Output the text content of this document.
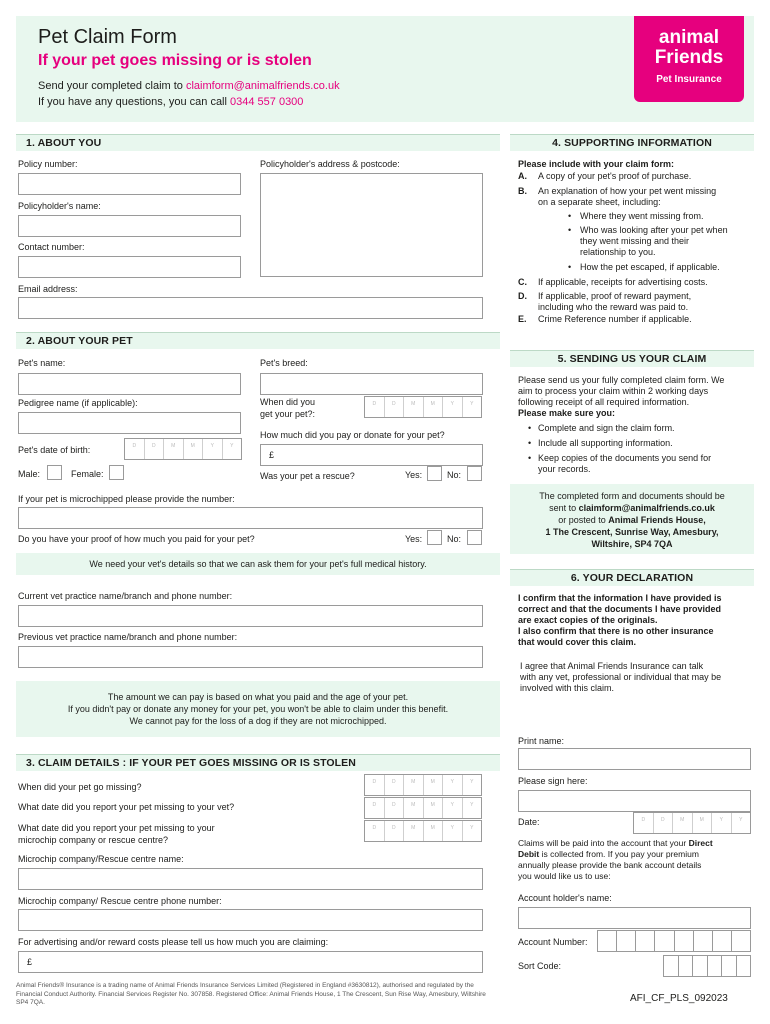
Pet Claim Form
If your pet goes missing or is stolen
Send your completed claim to claimform@animalfriends.co.uk
If you have any questions, you can call 0344 557 0300
animal
Friends
Pet Insurance
1. ABOUT YOU
Policy number:	Policyholder's address & postcode:
Policyholder's name:
Contact number:
Email address:
2. ABOUT YOUR PET
Pet's name:	Pet's breed:
Pedigree name (if applicable):	When did you
get your pet?:
D	D	M	M	Y	Y
How much did you pay or donate for your pet?
£
Pet's date of birth:	D	D	M	M	Y	Y
Male:	Female:	Was your pet a rescue?	Yes:	No:
If your pet is microchipped please provide the number:
Do you have your proof of how much you paid for your pet?	Yes:	No:
We need your vet's details so that we can ask them for your pet's full medical history.
Current vet practice name/branch and phone number:
Previous vet practice name/branch and phone number:
The amount we can pay is based on what you paid and the age of your pet.
If you didn't pay or donate any money for your pet, you won't be able to claim under this benefit.
We cannot pay for the loss of a dog if they are not microchipped.
3. CLAIM DETAILS : IF YOUR PET GOES MISSING OR IS STOLEN
When did your pet go missing?	D	D	M	M	Y	Y
What date did you report your pet missing to your vet?	D	D	M	M	Y	Y
What date did you report your pet missing to your
microchip company or rescue centre?
D	D	M	M	Y	Y
Microchip company/Rescue centre name:
Microchip company/ Rescue centre phone number:
For advertising and/or reward costs please tell us how much you are claiming:
£
4. SUPPORTING INFORMATION
Please include with your claim form:
A.	A copy of your pet's proof of purchase.
B.	An explanation of how your pet went missing
on a separate sheet, including:
• Where they went missing from.
• Who was looking after your pet when
they went missing and their
relationship to you.
• How the pet escaped, if applicable.
C.	If applicable, receipts for advertising costs.
D.	If applicable, proof of reward payment,
including who the reward was paid to.
E.	Crime Reference number if applicable.
5. SENDING US YOUR CLAIM
Please send us your fully completed claim form. We
aim to process your claim within 2 working days
following receipt of all required information.
Please make sure you:
• Complete and sign the claim form.
• Include all supporting information.
• Keep copies of the documents you send for
your records.
The completed form and documents should be
sent to claimform@animalfriends.co.uk
or posted to Animal Friends House,
1 The Crescent, Sunrise Way, Amesbury,
Wiltshire, SP4 7QA
6. YOUR DECLARATION
I confirm that the information I have provided is
correct and that the documents I have provided
are exact copies of the originals.
I also confirm that there is no other insurance
that would cover this claim.
I agree that Animal Friends Insurance can talk
with any vet, professional or individual that may be
involved with this claim.
Print name:
Please sign here:
Date:	D	D	M	M	Y	Y
Claims will be paid into the account that your Direct
Debit is collected from. If you pay your premium
annually please provide the bank account details
you would like us to use:
Account holder's name:
Account Number:
Sort Code:
Animal Friends® Insurance is a trading name of Animal Friends Insurance Services Limited (Registered in England #3630812), authorised and regulated by the
Financial Conduct Authority. Financial Services Register No. 307858. Registered Office: Animal Friends House, 1 The Crescent, Sun Rise Way, Amesbury, Wiltshire
SP4 7QA.	AFI_CF_PLS_092023
